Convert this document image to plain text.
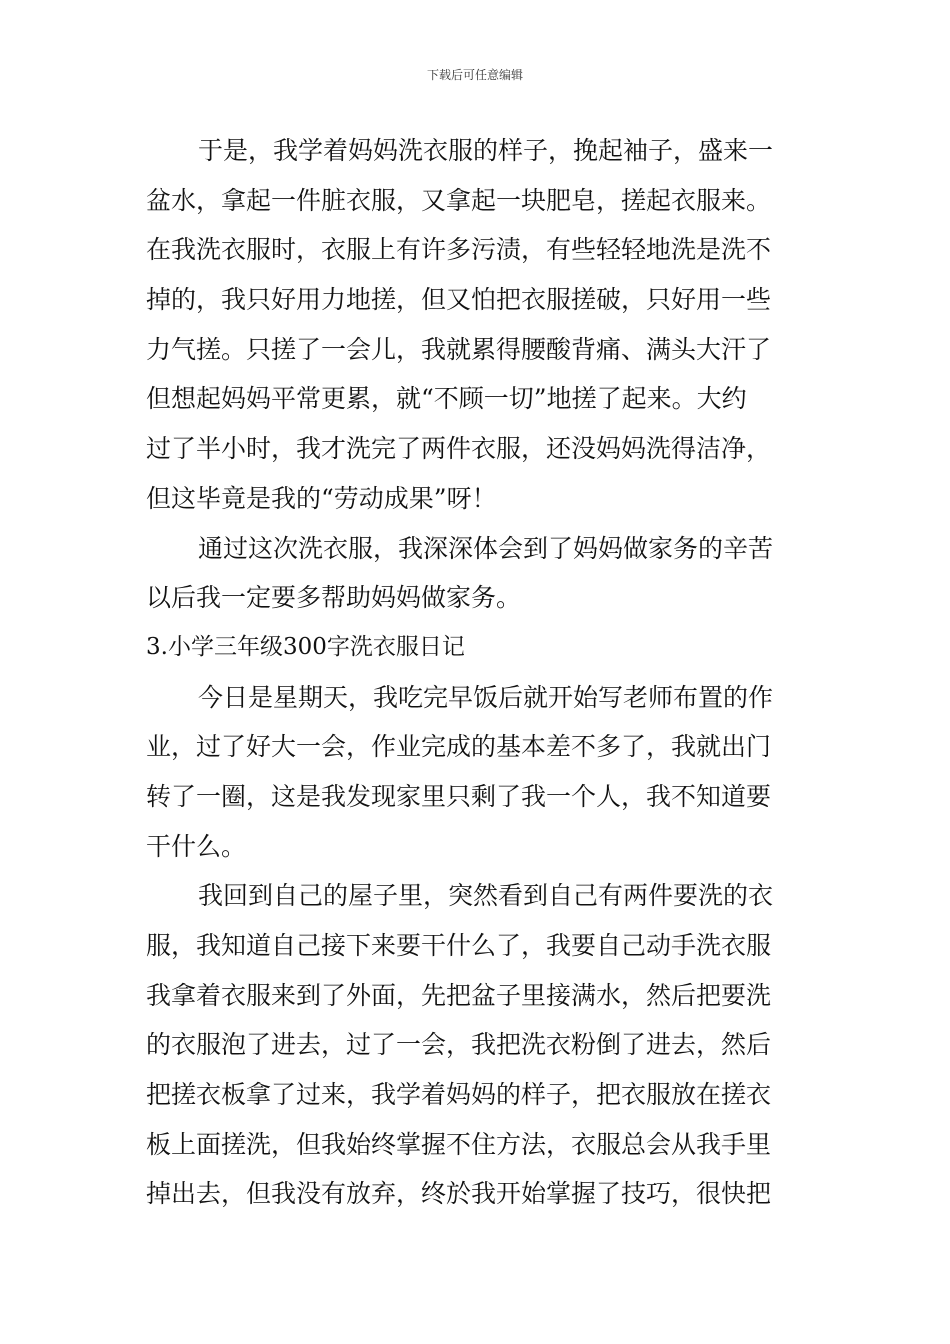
下载后可任意编辑
于是，我学着妈妈洗衣服的样子，挽起袖子，盛来一
盆水，拿起一件脏衣服，又拿起一块肥皂，搓起衣服来。
在我洗衣服时，衣服上有许多污渍，有些轻轻地洗是洗不
掉的，我只好用力地搓，但又怕把衣服搓破，只好用一些
力气搓。只搓了一会儿，我就累得腰酸背痛、满头大汗了
但想起妈妈平常更累，就“不顾一切”地搓了起来。大约
过了半小时，我才洗完了两件衣服，还没妈妈洗得洁净，
但这毕竟是我的“劳动成果”呀！
通过这次洗衣服，我深深体会到了妈妈做家务的辛苦
以后我一定要多帮助妈妈做家务。
3.小学三年级300字洗衣服日记
今日是星期天，我吃完早饭后就开始写老师布置的作
业，过了好大一会，作业完成的基本差不多了，我就出门
转了一圈，这是我发现家里只剩了我一个人，我不知道要
干什么。
我回到自己的屋子里，突然看到自己有两件要洗的衣
服，我知道自己接下来要干什么了，我要自己动手洗衣服
我拿着衣服来到了外面，先把盆子里接满水，然后把要洗
的衣服泡了进去，过了一会，我把洗衣粉倒了进去，然后
把搓衣板拿了过来，我学着妈妈的样子，把衣服放在搓衣
板上面搓洗，但我始终掌握不住方法，衣服总会从我手里
掉出去，但我没有放弃，终於我开始掌握了技巧，很快把
